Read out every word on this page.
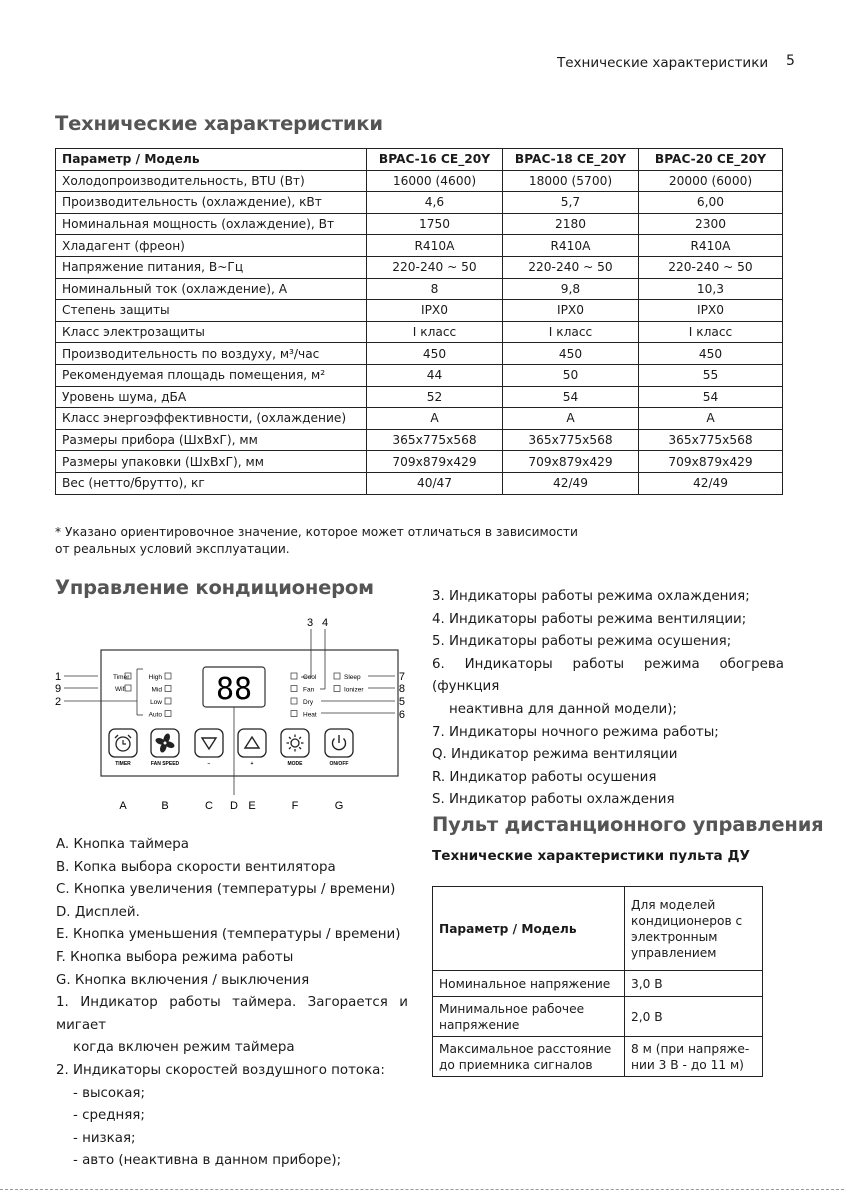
Технические характеристики 5
Технические характеристики
Параметр / Модель	BPAC-16 CE_20Y	BPAC-18 CE_20Y	BPAC-20 CE_20Y
Холодопроизводительность, BTU (Вт)	16000 (4600)	18000 (5700)	20000 (6000)
Производительность (охлаждение), кВт	4,6	5,7	6,00
Номинальная мощность (охлаждение), Вт	1750	2180	2300
Хладагент (фреон)	R410A	R410A	R410A
Напряжение питания, В~Гц	220-240 ~ 50	220-240 ~ 50	220-240 ~ 50
Номинальный ток (охлаждение), А	8	9,8	10,3
Степень защиты	IPX0	IPX0	IPX0
Класс электрозащиты	I класс	I класс	I класс
Производительность по воздуху, м³/час	450	450	450
Рекомендуемая площадь помещения, м²	44	50	55
Уровень шума, дБА	52	54	54
Класс энергоэффективности, (охлаждение)	A	A	A
Размеры прибора (ШхВхГ), мм	365x775x568	365x775x568	365x775x568
Размеры упаковки (ШхВхГ), мм	709x879x429	709x879x429	709x879x429
Вес (нетто/брутто), кг	40/47	42/49	42/49
* Указано ориентировочное значение, которое может отличаться в зависимости
от реальных условий эксплуатации.
Управление кондиционером
1
9
2
Timer
Wifi
High
Mid
Low
Auto
88	Cool
Fan
Dry
Heat
Sleep
Ionizer
3 4
7
8
5
6
TIMER	FAN SPEED	−	+	MODE	ON/OFF
A	B	C D E	F	G
A. Кнопка таймера
B. Копка выбора скорости вентилятора
C. Кнопка увеличения (температуры / времени)
D. Дисплей.
E. Кнопка уменьшения (температуры / времени)
F. Кнопка выбора режима работы
G. Кнопка включения / выключения
1. Индикатор работы таймера. Загорается и мигает
когда включен режим таймера
2. Индикаторы скоростей воздушного потока:
- высокая;
- средняя;
- низкая;
- авто (неактивна в данном приборе);
3. Индикаторы работы режима охлаждения;
4. Индикаторы работы режима вентиляции;
5. Индикаторы работы режима осушения;
6. Индикаторы работы режима обогрева (функция
неактивна для данной модели);
7. Индикаторы ночного режима работы;
Q. Индикатор режима вентиляции
R. Индикатор работы осушения
S. Индикатор работы охлаждения
Пульт дистанционного управления
Технические характеристики пульта ДУ
Параметр / Модель	Для моделей кондиционеров с электронным управлением
Номинальное напряжение	3,0 В
Минимальное рабочее напряжение	2,0 В
Максимальное расстояние до приемника сигналов	8 м (при напряже-нии 3 В - до 11 м)
